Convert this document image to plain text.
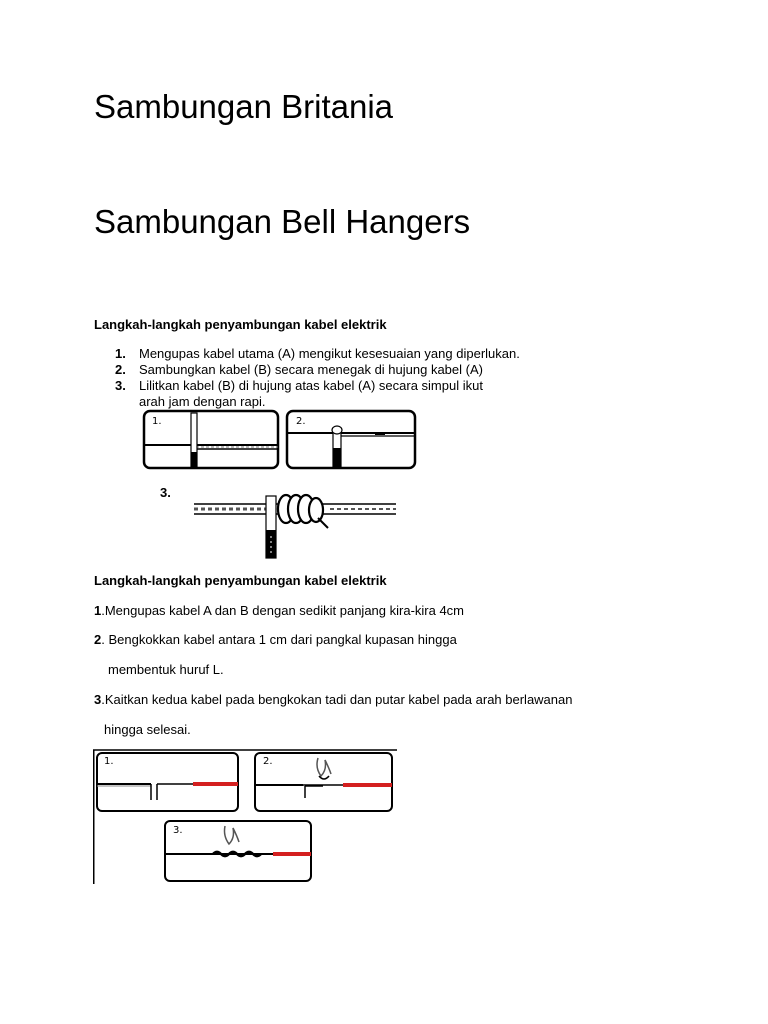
Sambungan Britania
Sambungan Bell Hangers
Langkah-langkah penyambungan kabel elektrik
1. Mengupas kabel utama (A) mengikut kesesuaian yang diperlukan.
2. Sambungkan kabel (B) secara menegak di hujung kabel (A)
3. Lilitkan kabel (B) di hujung atas kabel (A) secara simpul ikut
arah jam dengan rapi.
1.	2.
3.
Langkah-langkah penyambungan kabel elektrik
1.Mengupas kabel A dan B dengan sedikit panjang kira-kira 4cm
2. Bengkokkan kabel antara 1 cm dari pangkal kupasan hingga
membentuk huruf L.
3.Kaitkan kedua kabel pada bengkokan tadi dan putar kabel pada arah berlawanan
hingga selesai.
1.	2.
3.
